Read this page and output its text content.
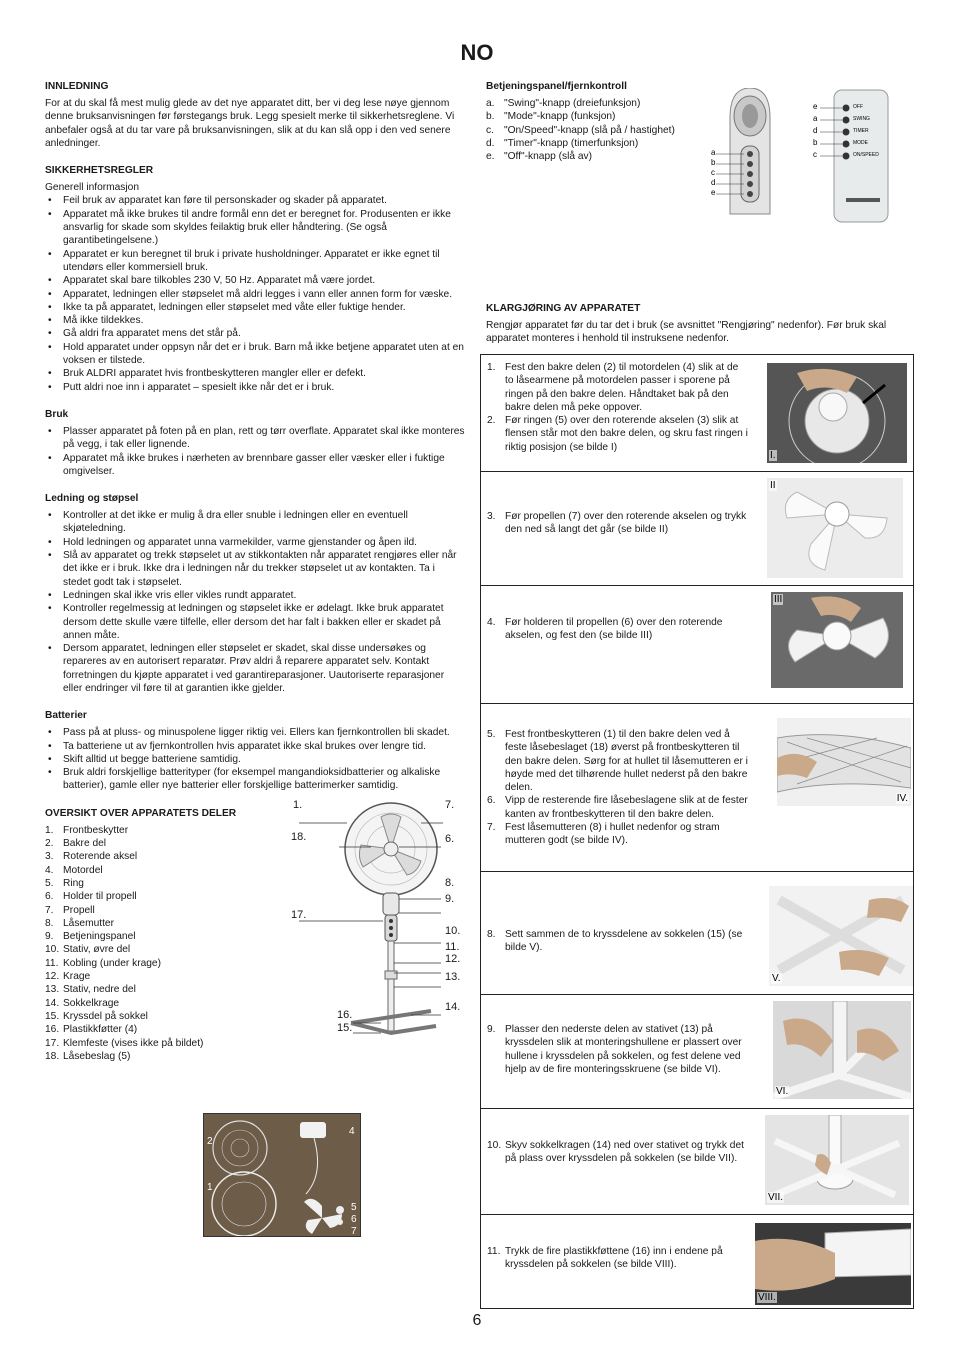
NO
INNLEDNING

For at du skal få mest mulig glede av det nye apparatet ditt, ber vi deg lese nøye gjennom denne bruksanvisningen før førstegangs bruk. Legg spesielt merke til sikkerhetsreglene. Vi anbefaler også at du tar vare på bruksanvisningen, slik at du kan slå opp i den ved senere anledninger.

SIKKERHETSREGLER

Generell informasjon

• Feil bruk av apparatet kan føre til personskader og skader på apparatet.
• Apparatet må ikke brukes til andre formål enn det er beregnet for. Produsenten er ikke ansvarlig for skade som skyldes feilaktig bruk eller håndtering. (Se også garantibetingelsene.)
• Apparatet er kun beregnet til bruk i private husholdninger. Apparatet er ikke egnet til utendørs eller kommersiell bruk.
• Apparatet skal bare tilkobles 230 V, 50 Hz. Apparatet må være jordet.
• Apparatet, ledningen eller støpselet må aldri legges i vann eller annen form for væske.
• Ikke ta på apparatet, ledningen eller støpselet med våte eller fuktige hender.
• Må ikke tildekkes.
• Gå aldri fra apparatet mens det står på.
• Hold apparatet under oppsyn når det er i bruk. Barn må ikke betjene apparatet uten at en voksen er tilstede.
• Bruk ALDRI apparatet hvis frontbeskytteren mangler eller er defekt.
• Putt aldri noe inn i apparatet – spesielt ikke når det er i bruk.
Bruk
• Plasser apparatet på foten på en plan, rett og tørr overflate. Apparatet skal ikke monteres på vegg, i tak eller lignende.
• Apparatet må ikke brukes i nærheten av brennbare gasser eller væsker eller i fuktige omgivelser.
Ledning og støpsel
• Kontroller at det ikke er mulig å dra eller snuble i ledningen eller en eventuell skjøteledning.
• Hold ledningen og apparatet unna varmekilder, varme gjenstander og åpen ild.
• Slå av apparatet og trekk støpselet ut av stikkontakten når apparatet rengjøres eller når det ikke er i bruk. Ikke dra i ledningen når du trekker støpselet ut av kontakten. Ta i stedet godt tak i støpselet.
• Ledningen skal ikke vris eller vikles rundt apparatet.
• Kontroller regelmessig at ledningen og støpselet ikke er ødelagt. Ikke bruk apparatet dersom dette skulle være tilfelle, eller dersom det har falt i bakken eller er skadet på annen måte.
• Dersom apparatet, ledningen eller støpselet er skadet, skal disse undersøkes og repareres av en autorisert reparatør. Prøv aldri å reparere apparatet selv. Kontakt forretningen du kjøpte apparatet i ved garantireparasjoner. Uautoriserte reparasjoner eller endringer vil føre til at garantien ikke gjelder.
Batterier
• Pass på at pluss- og minuspolene ligger riktig vei. Ellers kan fjernkontrollen bli skadet.
• Ta batteriene ut av fjernkontrollen hvis apparatet ikke skal brukes over lengre tid.
• Skift alltid ut begge batteriene samtidig.
• Bruk aldri forskjellige batterityper (for eksempel mangandioksidbatterier og alkaliske batterier), gamle eller nye batterier eller forskjellige batterimerker samtidig.
OVERSIKT OVER APPARATETS DELER
1. Frontbeskytter
2. Bakre del
3. Roterende aksel
4. Motordel
5. Ring
6. Holder til propell
7. Propell
8. Låsemutter
9. Betjeningspanel
10. Stativ, øvre del
11. Kobling (under krage)
12. Krage
13. Stativ, nedre del
14. Sokkelkrage
15. Kryssdel på sokkel
16. Plastikkføtter (4)
17. Klemfeste (vises ikke på bildet)
18. Låsebeslag (5)
1.	7.
18.	6.
8.
9.
17.
10.
11.
12.
13.
16.
15.
14.
2
1
4
5
6
7
Betjeningspanel/fjernkontroll
a. "Swing"-knapp (dreiefunksjon)
b. "Mode"-knapp (funksjon)
c. "On/Speed"-knapp (slå på / hastighet)
d. "Timer"-knapp (timerfunksjon)
e. "Off"-knapp (slå av)
KLARGJØRING AV APPARATET

Rengjør apparatet før du tar det i bruk (se avsnittet "Rengjøring" nedenfor). Før bruk skal apparatet monteres i henhold til instruksene nedenfor.

a
b
c
d
e
e
a
d
b
c
OFF
SWING
TIMER
MODE
ON/SPEED
1. Fest den bakre delen (2) til motordelen (4) slik at de to låsearmene på motordelen passer i sporene på ringen på den bakre delen. Håndtaket bak på den bakre delen må peke oppover.
2. Før ringen (5) over den roterende akselen (3) slik at flensen står mot den bakre delen, og skru fast ringen i riktig posisjon (se bilde I)
I.
3. Før propellen (7) over den roterende akselen og trykk den ned så langt det går (se bilde II)
II
4. Før holderen til propellen (6) over den roterende akselen, og fest den (se bilde III)
III
5. Fest frontbeskytteren (1) til den bakre delen ved å feste låsebeslaget (18) øverst på frontbeskytteren til den bakre delen. Sørg for at hullet til låsemutteren er i høyde med det tilhørende hullet nederst på den bakre delen.
6. Vipp de resterende fire låsebeslagene slik at de fester kanten av frontbeskytteren til den bakre delen.
7. Fest låsemutteren (8) i hullet nedenfor og stram mutteren godt (se bilde IV).
IV.
8. Sett sammen de to kryssdelene av sokkelen (15) (se bilde V).
V.
9. Plasser den nederste delen av stativet (13) på kryssdelen slik at monteringshullene er plassert over hullene i kryssdelen på sokkelen, og fest delene ved hjelp av de fire monteringsskruene (se bilde VI).
VI.
10. Skyv sokkelkragen (14) ned over stativet og trykk det på plass over kryssdelen på sokkelen (se bilde VII).
VII.
11. Trykk de fire plastikkføttene (16) inn i endene på kryssdelen på sokkelen (se bilde VIII).
VIII.
6
